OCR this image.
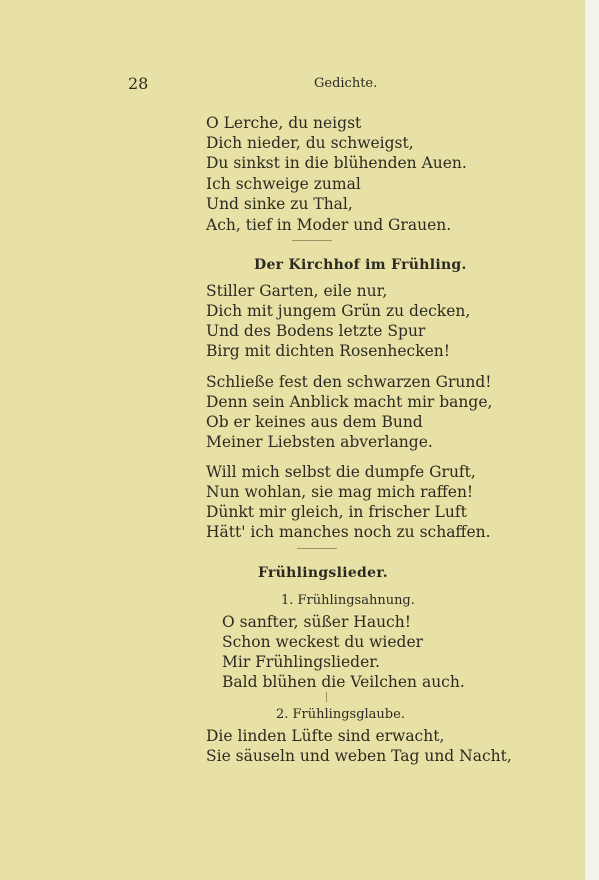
28	Gedichte.
O Lerche, du neigst
Dich nieder, du schweigst,
Du sinkst in die blühenden Auen.
Ich schweige zumal
Und sinke zu Thal,
Ach, tief in Moder und Grauen.
Der Kirchhof im Frühling.
Stiller Garten, eile nur,
Dich mit jungem Grün zu decken,
Und des Bodens letzte Spur
Birg mit dichten Rosenhecken!
Schließe fest den schwarzen Grund!
Denn sein Anblick macht mir bange,
Ob er keines aus dem Bund
Meiner Liebsten abverlange.
Will mich selbst die dumpfe Gruft,
Nun wohlan, sie mag mich raffen!
Dünkt mir gleich, in frischer Luft
Hätt' ich manches noch zu schaffen.
Frühlingslieder.
1. Frühlingsahnung.
O sanfter, süßer Hauch!
Schon weckest du wieder
Mir Frühlingslieder.
Bald blühen die Veilchen auch.
2. Frühlingsglaube.
Die linden Lüfte sind erwacht,
Sie säuseln und weben Tag und Nacht,
